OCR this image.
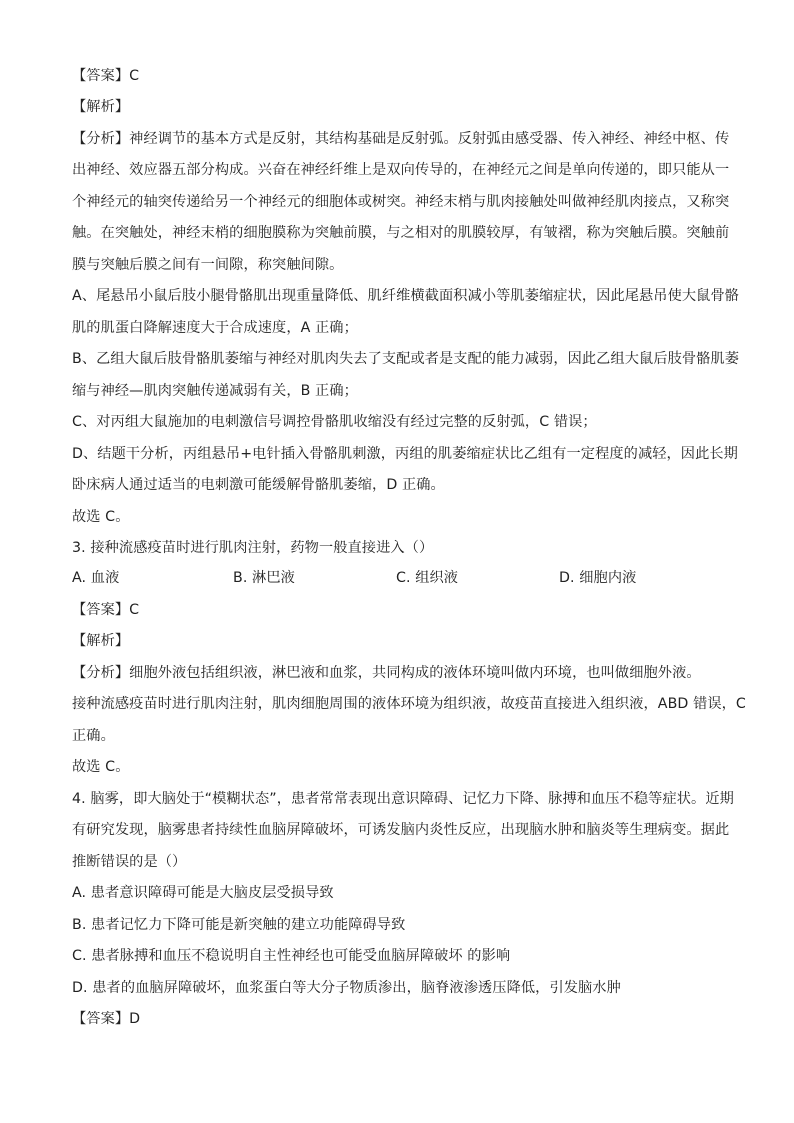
【答案】C
【解析】
【分析】神经调节的基本方式是反射，其结构基础是反射弧。反射弧由感受器、传入神经、神经中枢、传
出神经、效应器五部分构成。兴奋在神经纤维上是双向传导的，在神经元之间是单向传递的，即只能从一
个神经元的轴突传递给另一个神经元的细胞体或树突。神经末梢与肌肉接触处叫做神经肌肉接点，又称突
触。在突触处，神经末梢的细胞膜称为突触前膜，与之相对的肌膜较厚，有皱褶，称为突触后膜。突触前
膜与突触后膜之间有一间隙，称突触间隙。
A、尾悬吊小鼠后肢小腿骨骼肌出现重量降低、肌纤维横截面积减小等肌萎缩症状，因此尾悬吊使大鼠骨骼
肌的肌蛋白降解速度大于合成速度，A 正确；
B、乙组大鼠后肢骨骼肌萎缩与神经对肌肉失去了支配或者是支配的能力减弱，因此乙组大鼠后肢骨骼肌萎
缩与神经—肌肉突触传递减弱有关，B 正确；
C、对丙组大鼠施加的电刺激信号调控骨骼肌收缩没有经过完整的反射弧，C 错误；
D、结题干分析，丙组悬吊+电针插入骨骼肌刺激，丙组的肌萎缩症状比乙组有一定程度的减轻，因此长期
卧床病人通过适当的电刺激可能缓解骨骼肌萎缩，D 正确。
故选 C。
3. 接种流感疫苗时进行肌肉注射，药物一般直接进入（）
A. 血液	B. 淋巴液	C. 组织液	D. 细胞内液
【答案】C
【解析】
【分析】细胞外液包括组织液，淋巴液和血浆，共同构成的液体环境叫做内环境，也叫做细胞外液。
接种流感疫苗时进行肌肉注射，肌肉细胞周围的液体环境为组织液，故疫苗直接进入组织液，ABD 错误，C
正确。
故选 C。
4. 脑雾，即大脑处于“模糊状态”，患者常常表现出意识障碍、记忆力下降、脉搏和血压不稳等症状。近期
有研究发现，脑雾患者持续性血脑屏障破坏，可诱发脑内炎性反应，出现脑水肿和脑炎等生理病变。据此
推断错误的是（）
A. 患者意识障碍可能是大脑皮层受损导致
B. 患者记忆力下降可能是新突触的建立功能障碍导致
C. 患者脉搏和血压不稳说明自主性神经也可能受血脑屏障破坏 的影响
D. 患者的血脑屏障破坏，血浆蛋白等大分子物质渗出，脑脊液渗透压降低，引发脑水肿
【答案】D
